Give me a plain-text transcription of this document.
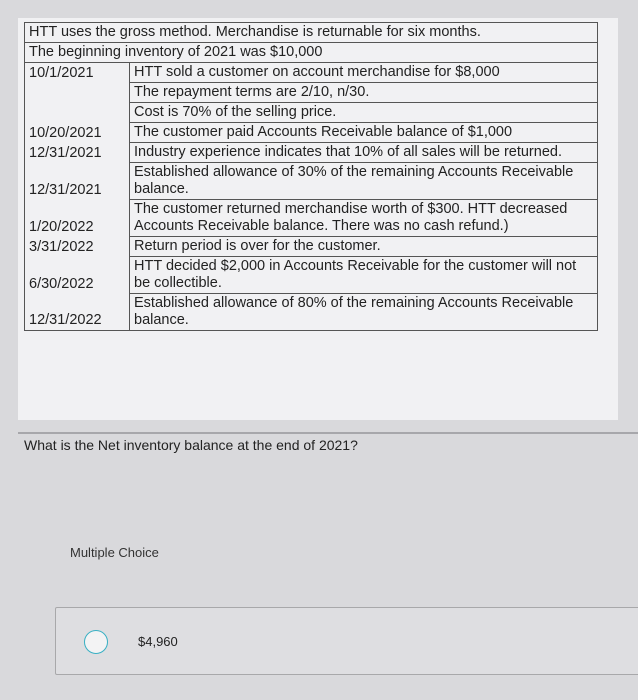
HTT uses the gross method. Merchandise is returnable for six months.	
The beginning inventory of 2021 was $10,000	
10/1/2021	HTT sold a customer on account merchandise for $8,000
	The repayment terms are 2/10, n/30.
	Cost is 70% of the selling price.
10/20/2021	The customer paid Accounts Receivable balance of $1,000
12/31/2021	Industry experience indicates that 10% of all sales will be returned.
12/31/2021	Established allowance of 30% of the remaining Accounts Receivable balance.
1/20/2022	The customer returned merchandise worth of $300. HTT decreased Accounts Receivable balance. There was no cash refund.)
3/31/2022	Return period is over for the customer.
6/30/2022	HTT decided $2,000 in Accounts Receivable for the customer will not be collectible.
12/31/2022	Established allowance of 80% of the remaining Accounts Receivable balance.
What is the Net inventory balance at the end of 2021?
Multiple Choice
$4,960
